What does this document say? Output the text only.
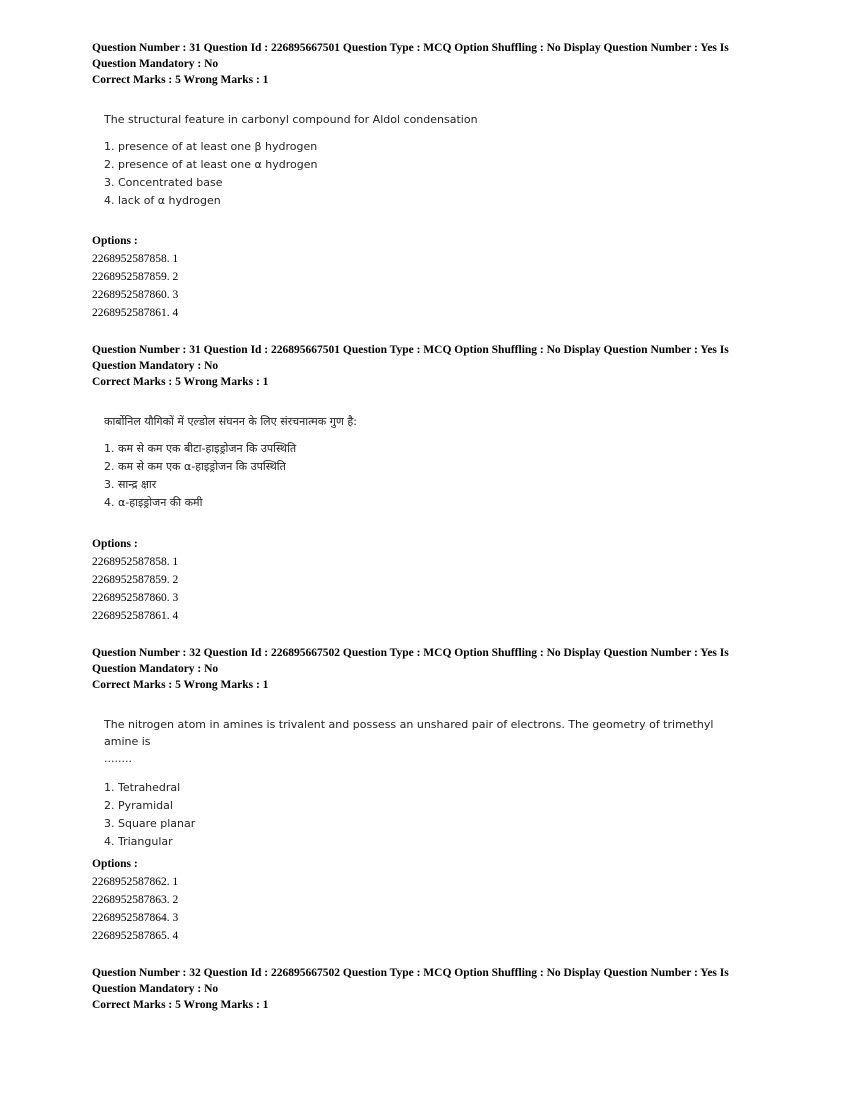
Question Number : 31 Question Id : 226895667501 Question Type : MCQ Option Shuffling : No Display Question Number : Yes Is
Question Mandatory : No
Correct Marks : 5 Wrong Marks : 1
The structural feature in carbonyl compound for Aldol condensation
1. presence of at least one β hydrogen
2. presence of at least one α hydrogen
3. Concentrated base
4. lack of α hydrogen
Options :
2268952587858. 1
2268952587859. 2
2268952587860. 3
2268952587861. 4
Question Number : 31 Question Id : 226895667501 Question Type : MCQ Option Shuffling : No Display Question Number : Yes Is
Question Mandatory : No
Correct Marks : 5 Wrong Marks : 1
कार्बोनिल यौगिकों में एल्डोल संघनन के लिए संरचनात्मक गुण है:
1. कम से कम एक बीटा-हाइड्रोजन कि उपस्थिति
2. कम से कम एक α-हाइड्रोजन कि उपस्थिति
3. सान्द्र क्षार
4. α-हाइड्रोजन की कमी
Options :
2268952587858. 1
2268952587859. 2
2268952587860. 3
2268952587861. 4
Question Number : 32 Question Id : 226895667502 Question Type : MCQ Option Shuffling : No Display Question Number : Yes Is
Question Mandatory : No
Correct Marks : 5 Wrong Marks : 1
The nitrogen atom in amines is trivalent and possess an unshared pair of electrons. The geometry of trimethyl amine is
........
1. Tetrahedral
2. Pyramidal
3. Square planar
4. Triangular
Options :
2268952587862. 1
2268952587863. 2
2268952587864. 3
2268952587865. 4
Question Number : 32 Question Id : 226895667502 Question Type : MCQ Option Shuffling : No Display Question Number : Yes Is
Question Mandatory : No
Correct Marks : 5 Wrong Marks : 1
